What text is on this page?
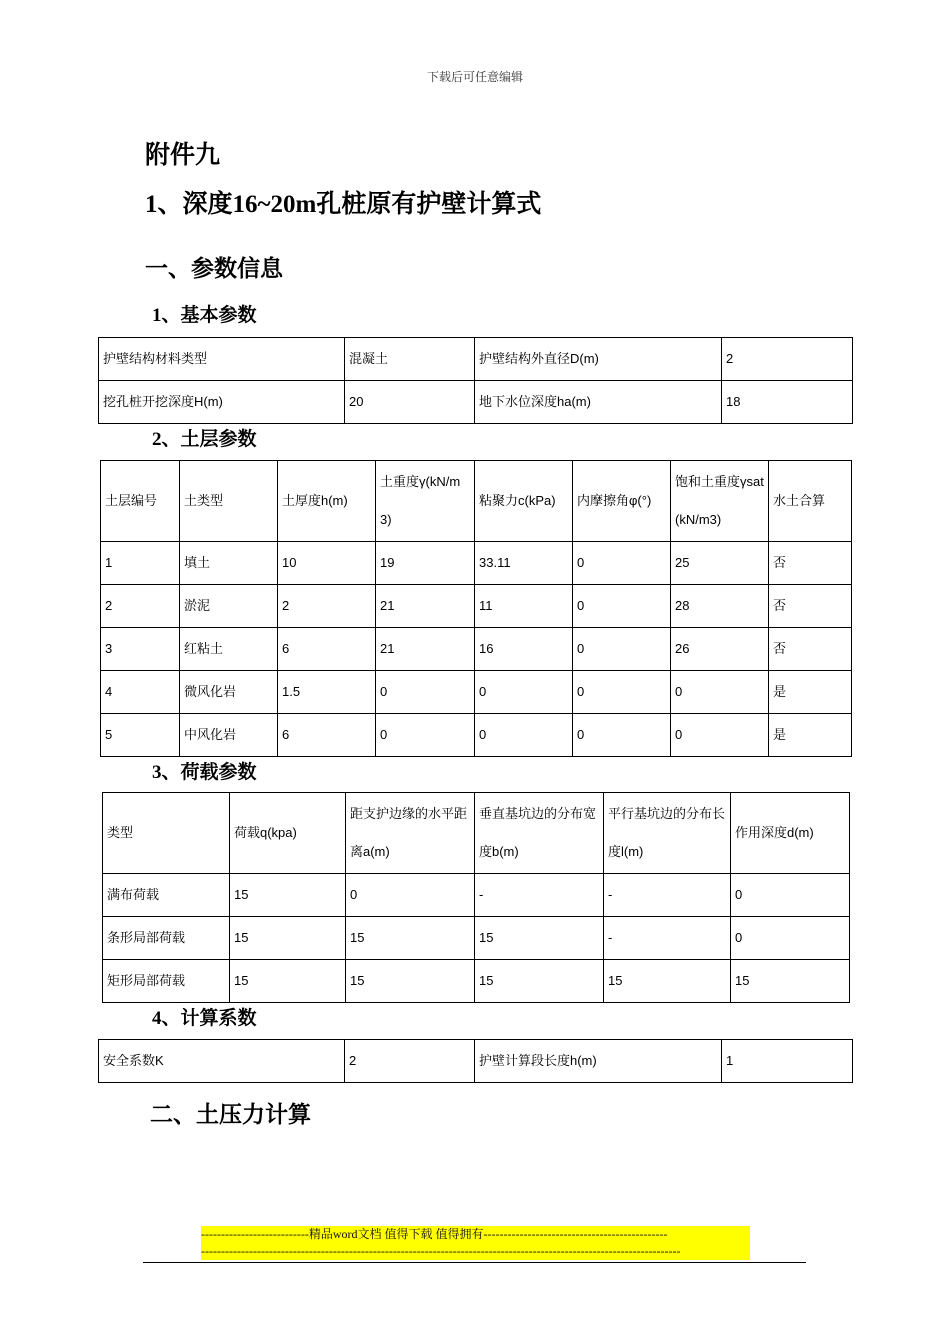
下载后可任意编辑
附件九
1、深度16~20m孔桩原有护壁计算式
一、参数信息
1、基本参数
护壁结构材料类型	混凝土	护壁结构外直径D(m)	2
挖孔桩开挖深度H(m)	20	地下水位深度ha(m)	18
2、土层参数
土层编号	土类型	土厚度h(m)	土重度γ(kN/m3)	粘聚力c(kPa)	内摩擦角φ(°)	饱和土重度γsat(kN/m3)	水土合算
1	填土	10	19	33.11	0	25	否
2	淤泥	2	21	11	0	28	否
3	红粘土	6	21	16	0	26	否
4	微风化岩	1.5	0	0	0	0	是
5	中风化岩	6	0	0	0	0	是
3、荷载参数
类型	荷载q(kpa)	距支护边缘的水平距离a(m)	垂直基坑边的分布宽度b(m)	平行基坑边的分布长度l(m)	作用深度d(m)
满布荷载	15	0	-	-	0
条形局部荷载	15	15	15	-	0
矩形局部荷载	15	15	15	15	15
4、计算系数
安全系数K	2	护壁计算段长度h(m)	1
二、土压力计算
---------------------------精品word文档 值得下载 值得拥有----------------------------------------------
------------------------------------------------------------------------------------------------------------------------
